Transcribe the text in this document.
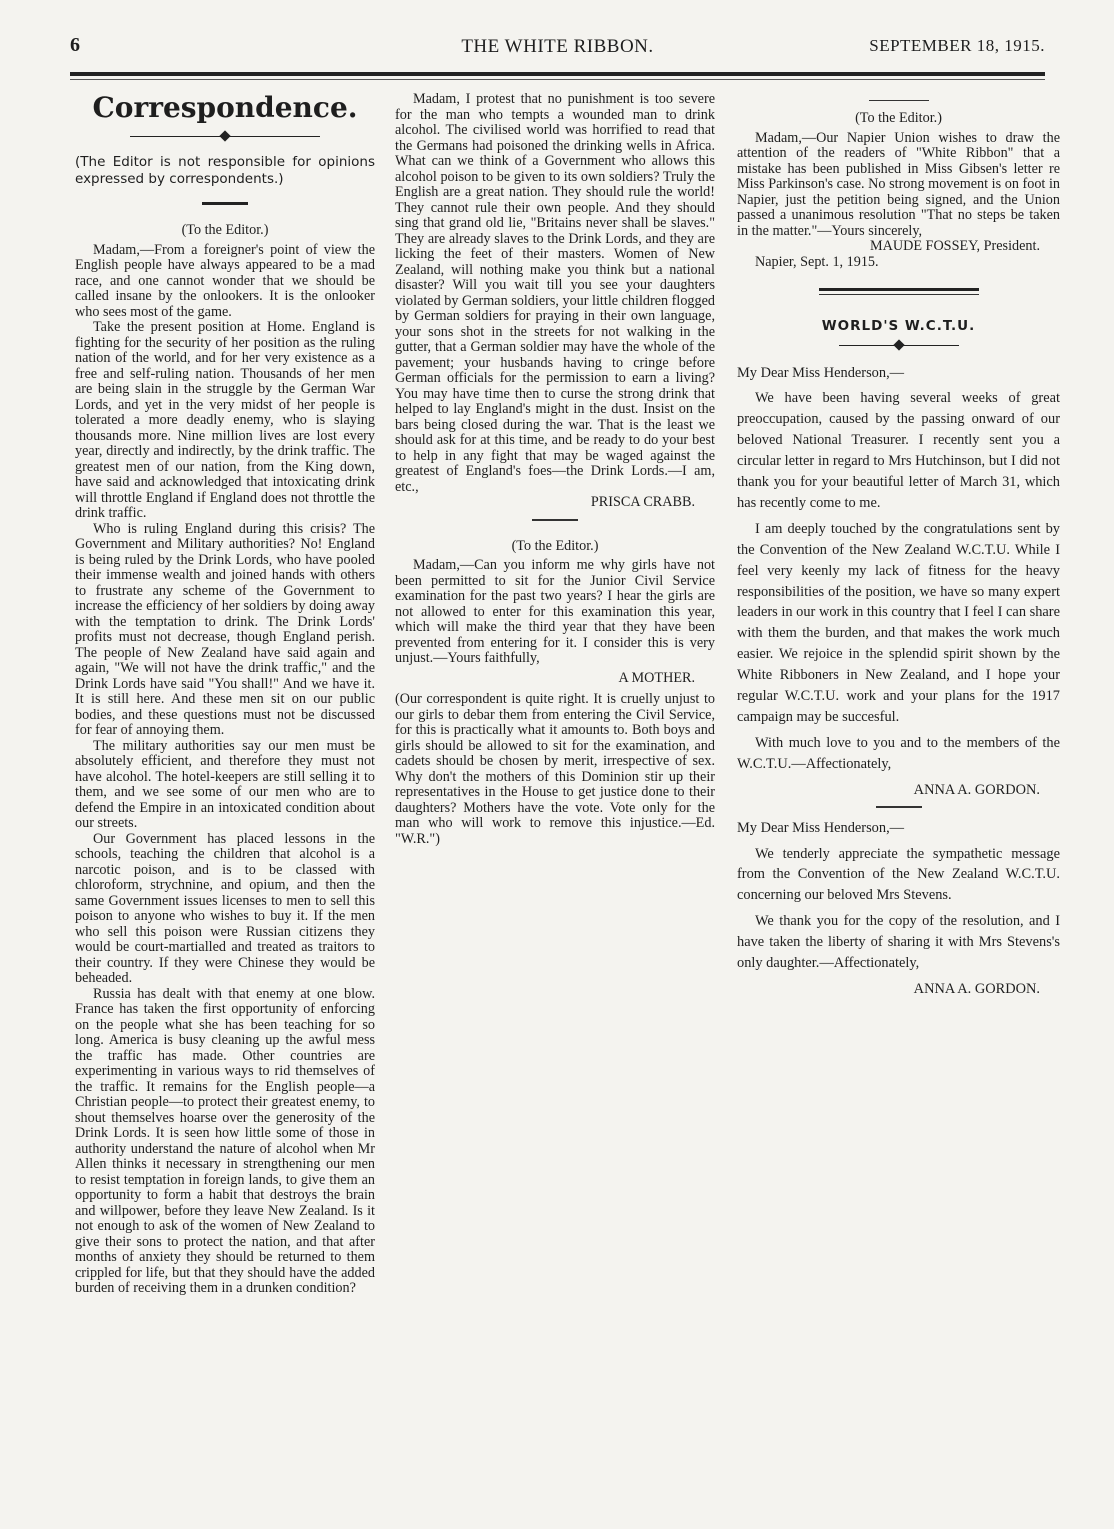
6	THE WHITE RIBBON.	SEPTEMBER 18, 1915.
Correspondence.

(The Editor is not responsible for opinions expressed by correspondents.)

(To the Editor.)

Madam,—From a foreigner's point of view the English people have always appeared to be a mad race, and one cannot wonder that we should be called insane by the onlookers. It is the onlooker who sees most of the game.

Take the present position at Home. England is fighting for the security of her position as the ruling nation of the world, and for her very existence as a free and self-ruling nation. Thousands of her men are being slain in the struggle by the German War Lords, and yet in the very midst of her people is tolerated a more deadly enemy, who is slaying thousands more. Nine million lives are lost every year, directly and indirectly, by the drink traffic. The greatest men of our nation, from the King down, have said and acknowledged that intoxicating drink will throttle England if England does not throttle the drink traffic.

Who is ruling England during this crisis? The Government and Military authorities? No! England is being ruled by the Drink Lords, who have pooled their immense wealth and joined hands with others to frustrate any scheme of the Government to increase the efficiency of her soldiers by doing away with the temptation to drink. The Drink Lords' profits must not decrease, though England perish. The people of New Zealand have said again and again, "We will not have the drink traffic," and the Drink Lords have said "You shall!" And we have it. It is still here. And these men sit on our public bodies, and these questions must not be discussed for fear of annoying them.

The military authorities say our men must be absolutely efficient, and therefore they must not have alcohol. The hotel-keepers are still selling it to them, and we see some of our men who are to defend the Empire in an intoxicated condition about our streets.

Our Government has placed lessons in the schools, teaching the children that alcohol is a narcotic poison, and is to be classed with chloroform, strychnine, and opium, and then the same Government issues licenses to men to sell this poison to anyone who wishes to buy it. If the men who sell this poison were Russian citizens they would be court-martialled and treated as traitors to their country. If they were Chinese they would be beheaded.

Russia has dealt with that enemy at one blow. France has taken the first opportunity of enforcing on the people what she has been teaching for so long. America is busy cleaning up the awful mess the traffic has made. Other countries are experimenting in various ways to rid themselves of the traffic. It remains for the English people—a Christian people—to protect their greatest enemy, to shout themselves hoarse over the generosity of the Drink Lords. It is seen how little some of those in authority understand the nature of alcohol when Mr Allen thinks it necessary in strengthening our men to resist temptation in foreign lands, to give them an opportunity to form a habit that destroys the brain and willpower, before they leave New Zealand. Is it not enough to ask of the women of New Zealand to give their sons to protect the nation, and that after months of anxiety they should be returned to them crippled for life, but that they should have the added burden of receiving them in a drunken condition?

Madam, I protest that no punishment is too severe for the man who tempts a wounded man to drink alcohol. The civilised world was horrified to read that the Germans had poisoned the drinking wells in Africa. What can we think of a Government who allows this alcohol poison to be given to its own soldiers? Truly the English are a great nation. They should rule the world! They cannot rule their own people. And they should sing that grand old lie, "Britains never shall be slaves." They are already slaves to the Drink Lords, and they are licking the feet of their masters. Women of New Zealand, will nothing make you think but a national disaster? Will you wait till you see your daughters violated by German soldiers, your little children flogged by German soldiers for praying in their own language, your sons shot in the streets for not walking in the gutter, that a German soldier may have the whole of the pavement; your husbands having to cringe before German officials for the permission to earn a living? You may have time then to curse the strong drink that helped to lay England's might in the dust. Insist on the bars being closed during the war. That is the least we should ask for at this time, and be ready to do your best to help in any fight that may be waged against the greatest of England's foes—the Drink Lords.—I am, etc.,

PRISCA CRABB.

(To the Editor.)

Madam,—Can you inform me why girls have not been permitted to sit for the Junior Civil Service examination for the past two years? I hear the girls are not allowed to enter for this examination this year, which will make the third year that they have been prevented from entering for it. I consider this is very unjust.—Yours faithfully,

A MOTHER.

(Our correspondent is quite right. It is cruelly unjust to our girls to debar them from entering the Civil Service, for this is practically what it amounts to. Both boys and girls should be allowed to sit for the examination, and cadets should be chosen by merit, irrespective of sex. Why don't the mothers of this Dominion stir up their representatives in the House to get justice done to their daughters? Mothers have the vote. Vote only for the man who will work to remove this injustice.—Ed. "W.R.")

(To the Editor.)

Madam,—Our Napier Union wishes to draw the attention of the readers of "White Ribbon" that a mistake has been published in Miss Gibsen's letter re Miss Parkinson's case. No strong movement is on foot in Napier, just the petition being signed, and the Union passed a unanimous resolution "That no steps be taken in the matter."—Yours sincerely,

MAUDE FOSSEY, President.

Napier, Sept. 1, 1915.

WORLD'S W.C.T.U.

My Dear Miss Henderson,—

We have been having several weeks of great preoccupation, caused by the passing onward of our beloved National Treasurer. I recently sent you a circular letter in regard to Mrs Hutchinson, but I did not thank you for your beautiful letter of March 31, which has recently come to me.

I am deeply touched by the congratulations sent by the Convention of the New Zealand W.C.T.U. While I feel very keenly my lack of fitness for the heavy responsibilities of the position, we have so many expert leaders in our work in this country that I feel I can share with them the burden, and that makes the work much easier. We rejoice in the splendid spirit shown by the White Ribboners in New Zealand, and I hope your regular W.C.T.U. work and your plans for the 1917 campaign may be succesful.

With much love to you and to the members of the W.C.T.U.—Affectionately,

ANNA A. GORDON.

My Dear Miss Henderson,—

We tenderly appreciate the sympathetic message from the Convention of the New Zealand W.C.T.U. concerning our beloved Mrs Stevens.

We thank you for the copy of the resolution, and I have taken the liberty of sharing it with Mrs Stevens's only daughter.—Affectionately,

ANNA A. GORDON.
